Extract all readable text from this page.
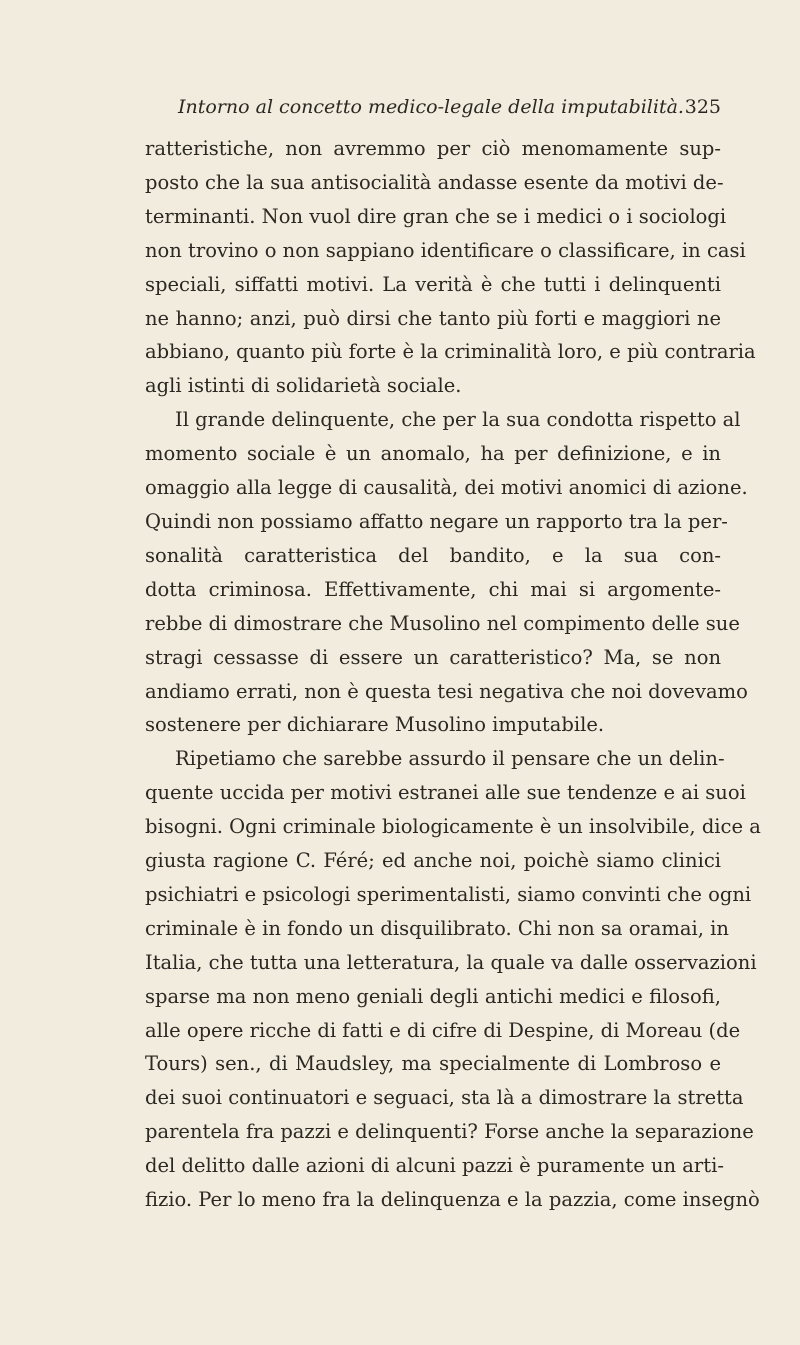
Intorno al concetto medico-legale della imputabilità. 325
ratteristiche, non avremmo per ciò menomamente sup-
posto che la sua antisocialità andasse esente da motivi de-
terminanti. Non vuol dire gran che se i medici o i sociologi
non trovino o non sappiano identificare o classificare, in casi
speciali, siffatti motivi. La verità è che tutti i delinquenti
ne hanno; anzi, può dirsi che tanto più forti e maggiori ne
abbiano, quanto più forte è la criminalità loro, e più contraria
agli istinti di solidarietà sociale.
Il grande delinquente, che per la sua condotta rispetto al
momento sociale è un anomalo, ha per definizione, e in
omaggio alla legge di causalità, dei motivi anomici di azione.
Quindi non possiamo affatto negare un rapporto tra la per-
sonalità caratteristica del bandito, e la sua con-
dotta criminosa. Effettivamente, chi mai si argomente-
rebbe di dimostrare che Musolino nel compimento delle sue
stragi cessasse di essere un caratteristico? Ma, se non
andiamo errati, non è questa tesi negativa che noi dovevamo
sostenere per dichiarare Musolino imputabile.
Ripetiamo che sarebbe assurdo il pensare che un delin-
quente uccida per motivi estranei alle sue tendenze e ai suoi
bisogni. Ogni criminale biologicamente è un insolvibile, dice a
giusta ragione C. Féré; ed anche noi, poichè siamo clinici
psichiatri e psicologi sperimentalisti, siamo convinti che ogni
criminale è in fondo un disquilibrato. Chi non sa oramai, in
Italia, che tutta una letteratura, la quale va dalle osservazioni
sparse ma non meno geniali degli antichi medici e filosofi,
alle opere ricche di fatti e di cifre di Despine, di Moreau (de
Tours) sen., di Maudsley, ma specialmente di Lombroso e
dei suoi continuatori e seguaci, sta là a dimostrare la stretta
parentela fra pazzi e delinquenti? Forse anche la separazione
del delitto dalle azioni di alcuni pazzi è puramente un arti-
fizio. Per lo meno fra la delinquenza e la pazzia, come insegnò
